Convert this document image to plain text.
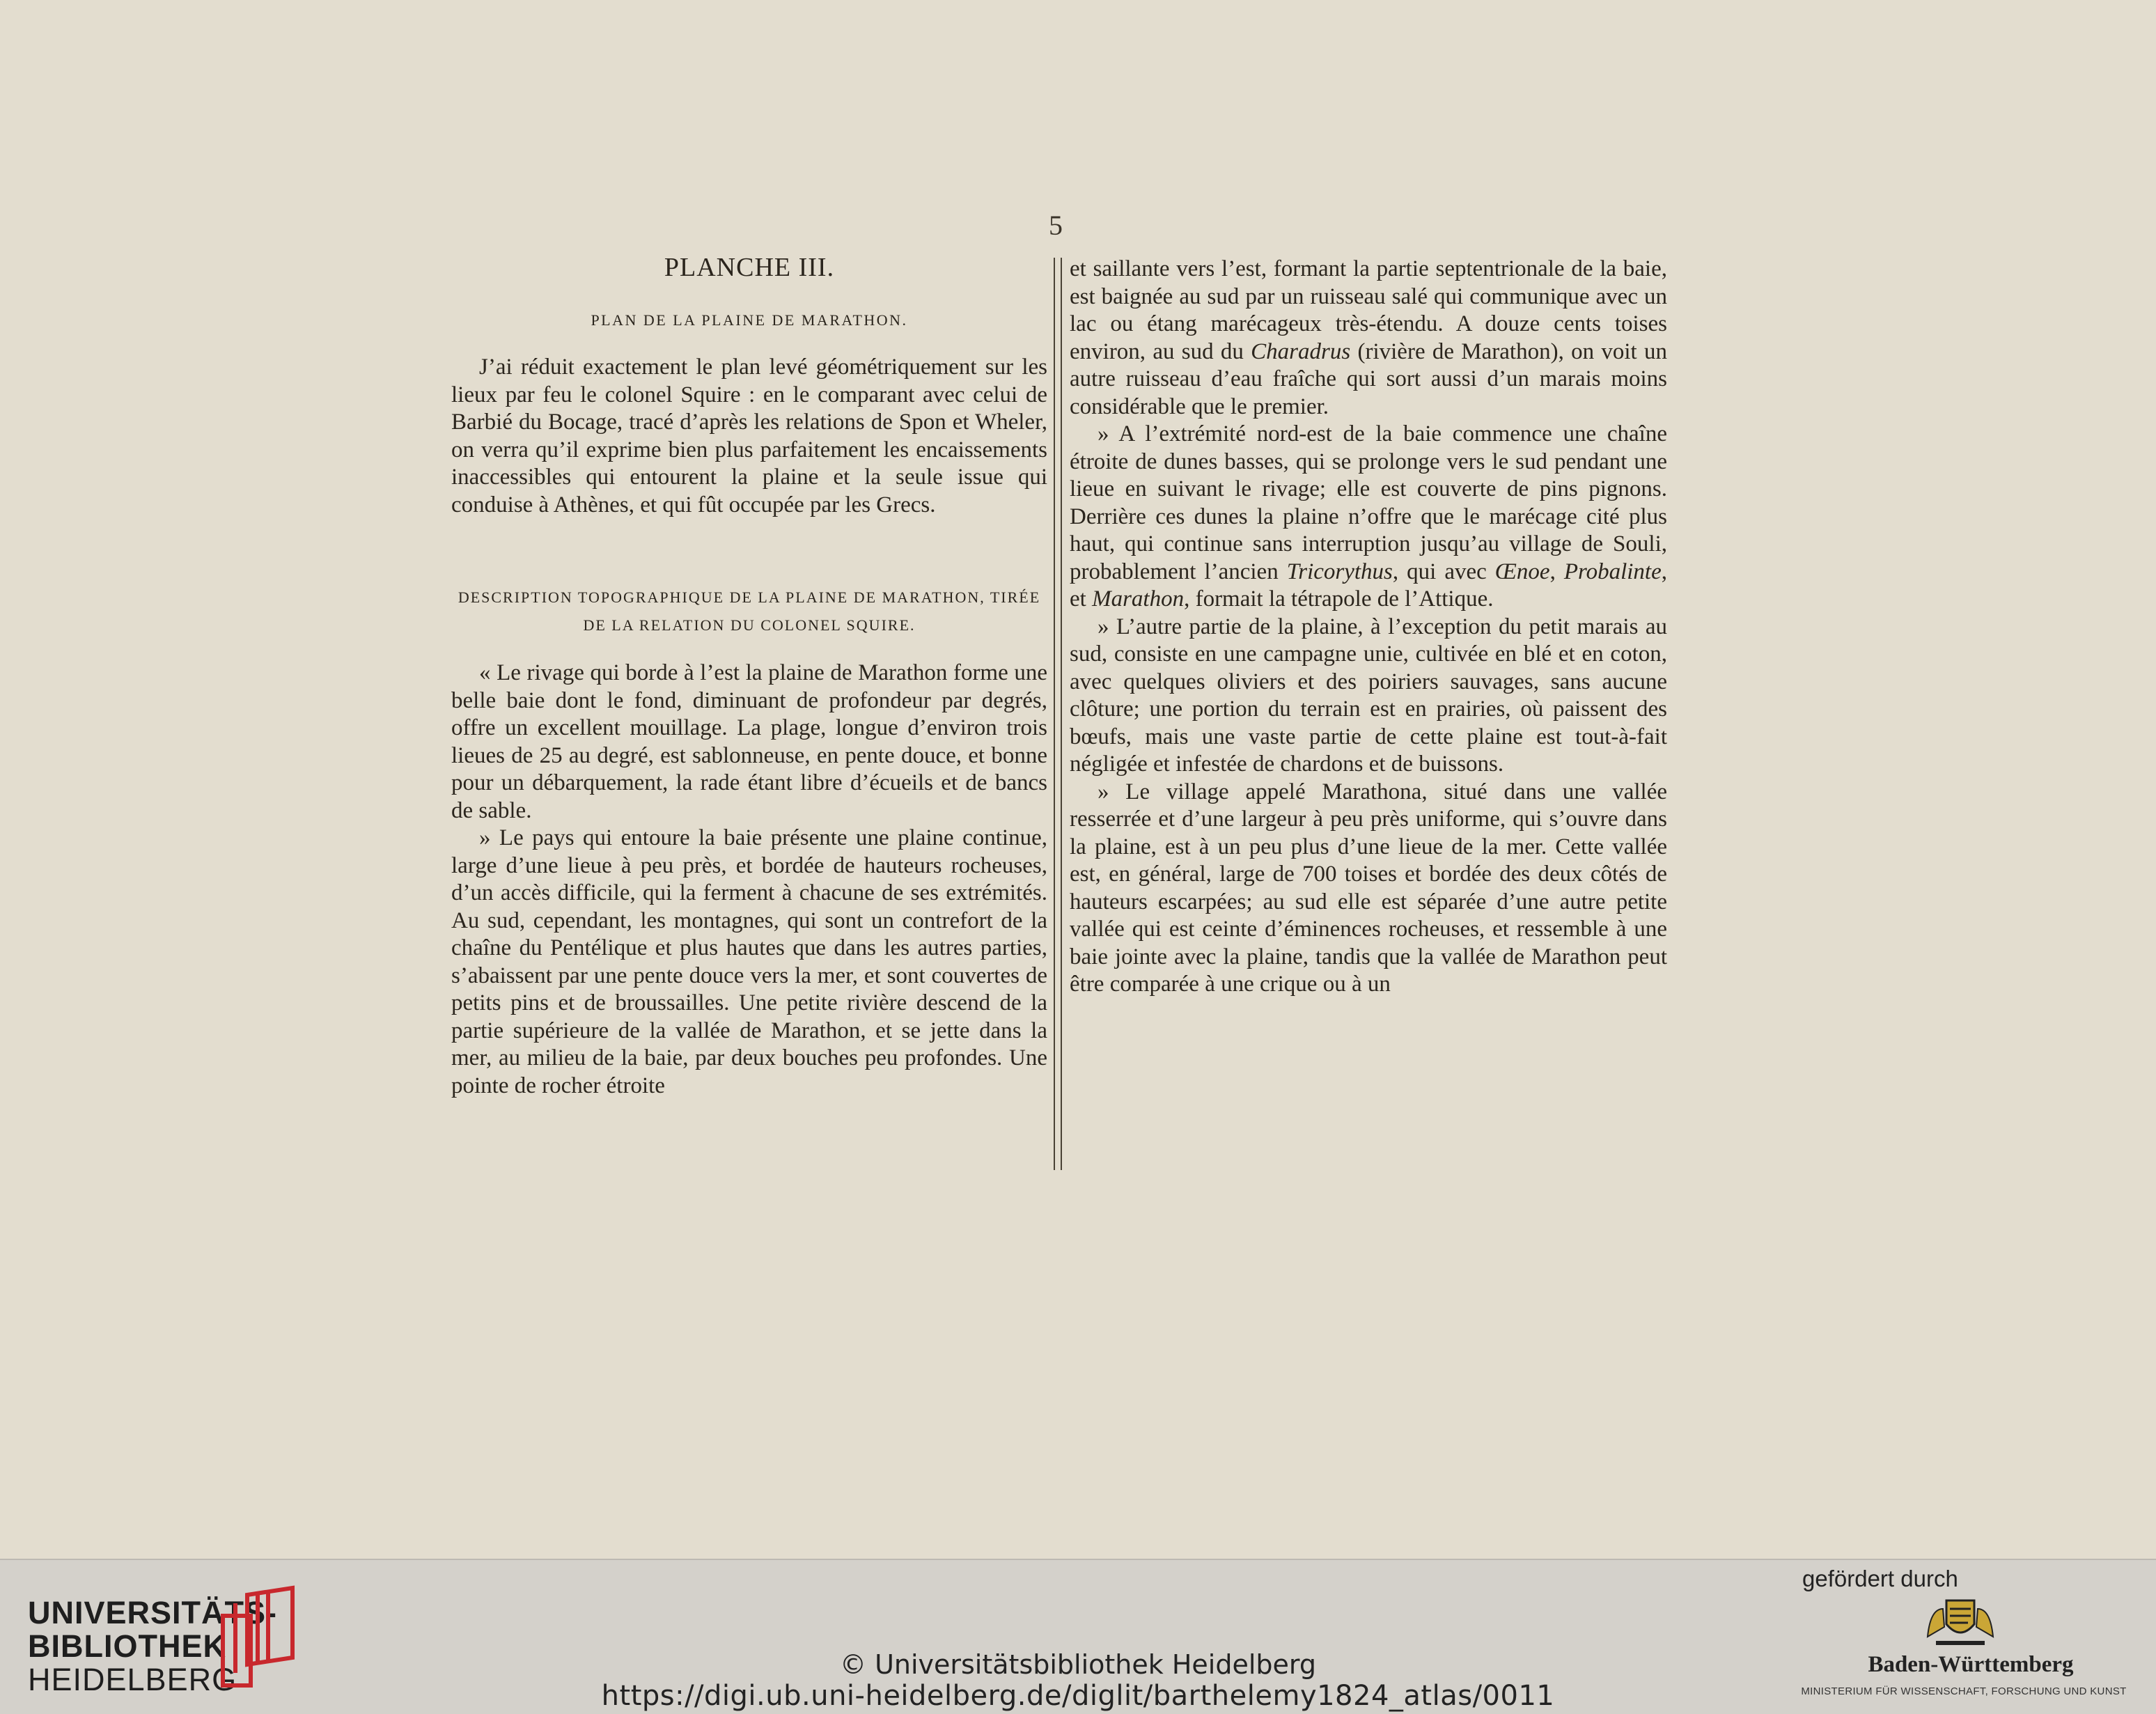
5
PLANCHE III.
PLAN DE LA PLAINE DE MARATHON.

J’ai réduit exactement le plan levé géométriquement sur les lieux par feu le colonel Squire : en le comparant avec celui de Barbié du Bocage, tracé d’après les relations de Spon et Wheler, on verra qu’il exprime bien plus parfaitement les encaissements inaccessibles qui entourent la plaine et la seule issue qui conduise à Athènes, et qui fût occupée par les Grecs.

DESCRIPTION TOPOGRAPHIQUE DE LA PLAINE DE MARATHON, TIRÉE DE LA RELATION DU COLONEL SQUIRE.

« Le rivage qui borde à l’est la plaine de Marathon forme une belle baie dont le fond, diminuant de profondeur par degrés, offre un excellent mouillage. La plage, longue d’environ trois lieues de 25 au degré, est sablonneuse, en pente douce, et bonne pour un débarquement, la rade étant libre d’écueils et de bancs de sable.

» Le pays qui entoure la baie présente une plaine continue, large d’une lieue à peu près, et bordée de hauteurs rocheuses, d’un accès difficile, qui la ferment à chacune de ses extrémités. Au sud, cependant, les montagnes, qui sont un contrefort de la chaîne du Pentélique et plus hautes que dans les autres parties, s’abaissent par une pente douce vers la mer, et sont couvertes de petits pins et de broussailles. Une petite rivière descend de la partie supérieure de la vallée de Marathon, et se jette dans la mer, au milieu de la baie, par deux bouches peu profondes. Une pointe de rocher étroite

et saillante vers l’est, formant la partie septentrionale de la baie, est baignée au sud par un ruisseau salé qui communique avec un lac ou étang marécageux très-étendu. A douze cents toises environ, au sud du Charadrus (rivière de Marathon), on voit un autre ruisseau d’eau fraîche qui sort aussi d’un marais moins considérable que le premier.

» A l’extrémité nord-est de la baie commence une chaîne étroite de dunes basses, qui se prolonge vers le sud pendant une lieue en suivant le rivage; elle est couverte de pins pignons. Derrière ces dunes la plaine n’offre que le marécage cité plus haut, qui continue sans interruption jusqu’au village de Souli, probablement l’ancien Tricorythus, qui avec Œnoe, Probalinte, et Marathon, formait la tétrapole de l’Attique.

» L’autre partie de la plaine, à l’exception du petit marais au sud, consiste en une campagne unie, cultivée en blé et en coton, avec quelques oliviers et des poiriers sauvages, sans aucune clôture; une portion du terrain est en prairies, où paissent des bœufs, mais une vaste partie de cette plaine est tout-à-fait négligée et infestée de chardons et de buissons.

» Le village appelé Marathona, situé dans une vallée resserrée et d’une largeur à peu près uniforme, qui s’ouvre dans la plaine, est à un peu plus d’une lieue de la mer. Cette vallée est, en général, large de 700 toises et bordée des deux côtés de hauteurs escarpées; au sud elle est séparée d’une autre petite vallée qui est ceinte d’éminences rocheuses, et ressemble à une baie jointe avec la plaine, tandis que la vallée de Marathon peut être comparée à une crique ou à un

UNIVERSITÄTS-
BIBLIOTHEK
HEIDELBERG	© Universitätsbibliothek Heidelberg
https://digi.ub.uni-heidelberg.de/diglit/barthelemy1824_atlas/0011
gefördert durch
Baden-Württemberg
MINISTERIUM FÜR WISSENSCHAFT, FORSCHUNG UND KUNST
